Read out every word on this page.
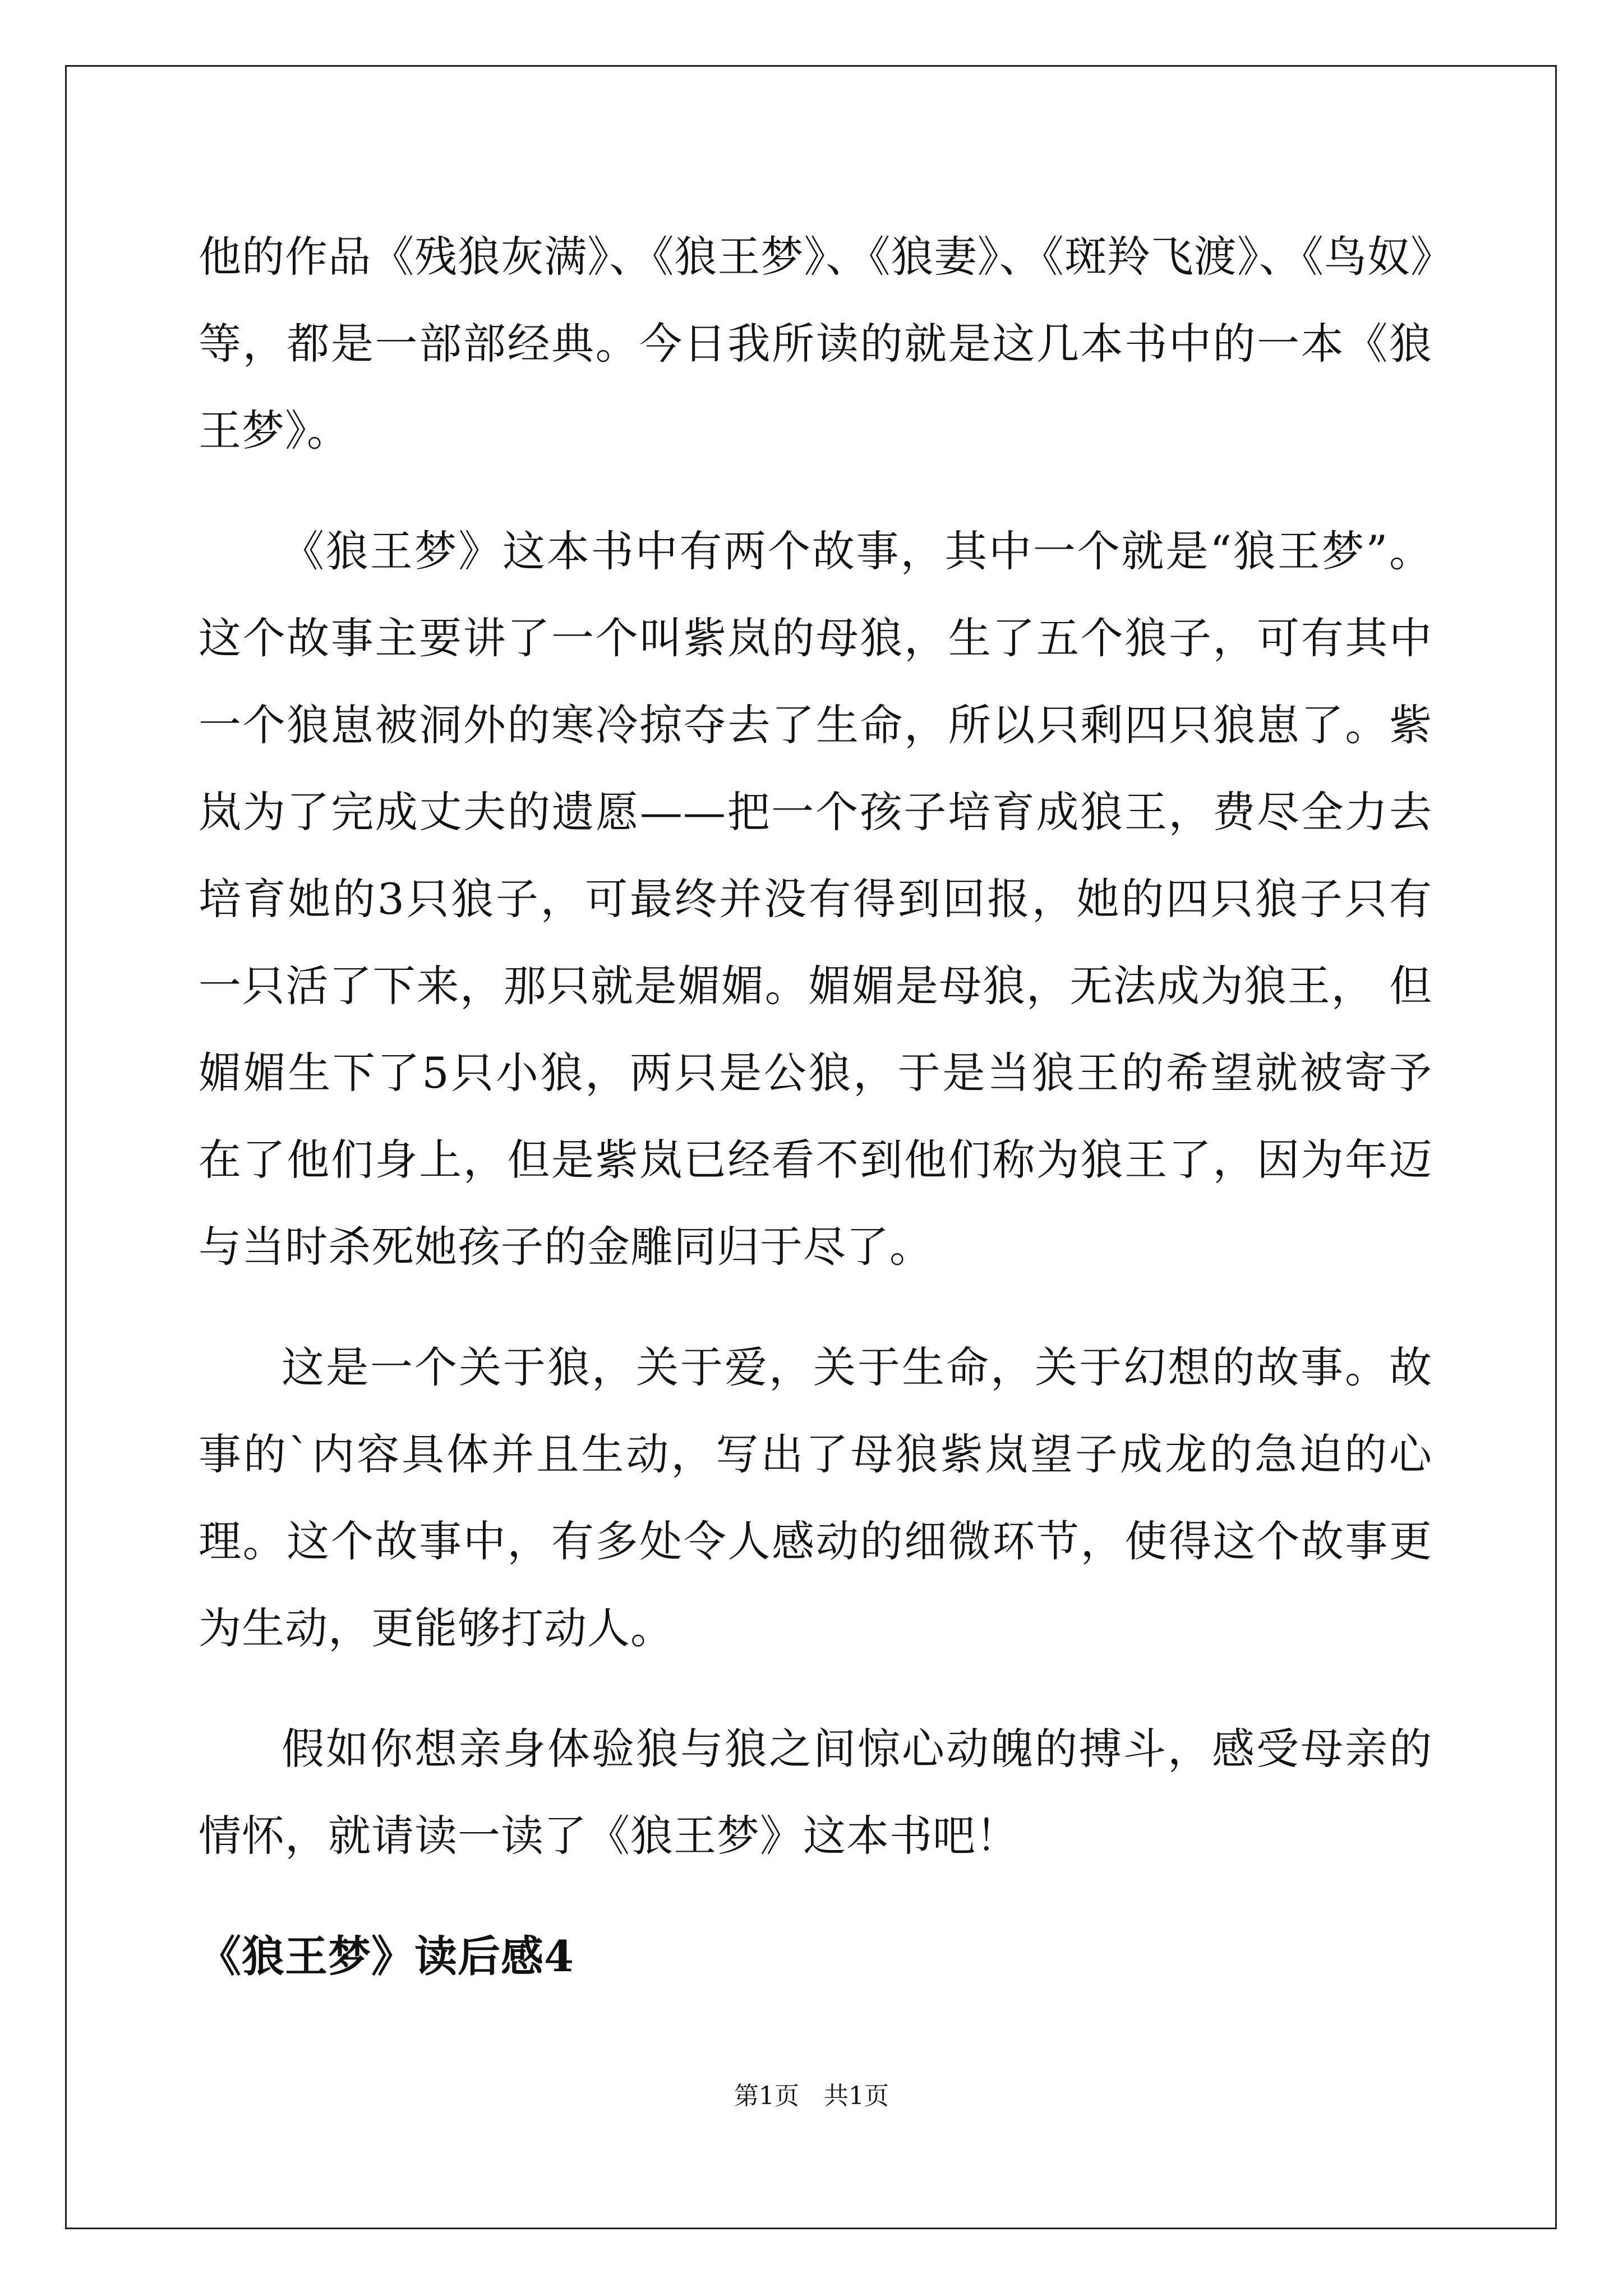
他的作品《残狼灰满》、《狼王梦》、《狼妻》、《斑羚飞渡》、《鸟奴》等，都是一部部经典。今日我所读的就是这几本书中的一本《狼王梦》。

《狼王梦》这本书中有两个故事，其中一个就是“狼王梦”。这个故事主要讲了一个叫紫岚的母狼，生了五个狼子，可有其中一个狼崽被洞外的寒冷掠夺去了生命，所以只剩四只狼崽了。紫岚为了完成丈夫的遗愿——把一个孩子培育成狼王，费尽全力去培育她的3只狼子，可最终并没有得到回报，她的四只狼子只有一只活了下来，那只就是媚媚。媚媚是母狼，无法成为狼王， 但媚媚生下了5只小狼，两只是公狼，于是当狼王的希望就被寄予在了他们身上，但是紫岚已经看不到他们称为狼王了，因为年迈与当时杀死她孩子的金雕同归于尽了。

这是一个关于狼，关于爱，关于生命，关于幻想的故事。故事的`内容具体并且生动，写出了母狼紫岚望子成龙的急迫的心理。这个故事中，有多处令人感动的细微环节，使得这个故事更为生动，更能够打动人。

假如你想亲身体验狼与狼之间惊心动魄的搏斗，感受母亲的情怀，就请读一读了《狼王梦》这本书吧！

《狼王梦》读后感4
第1页　共1页
